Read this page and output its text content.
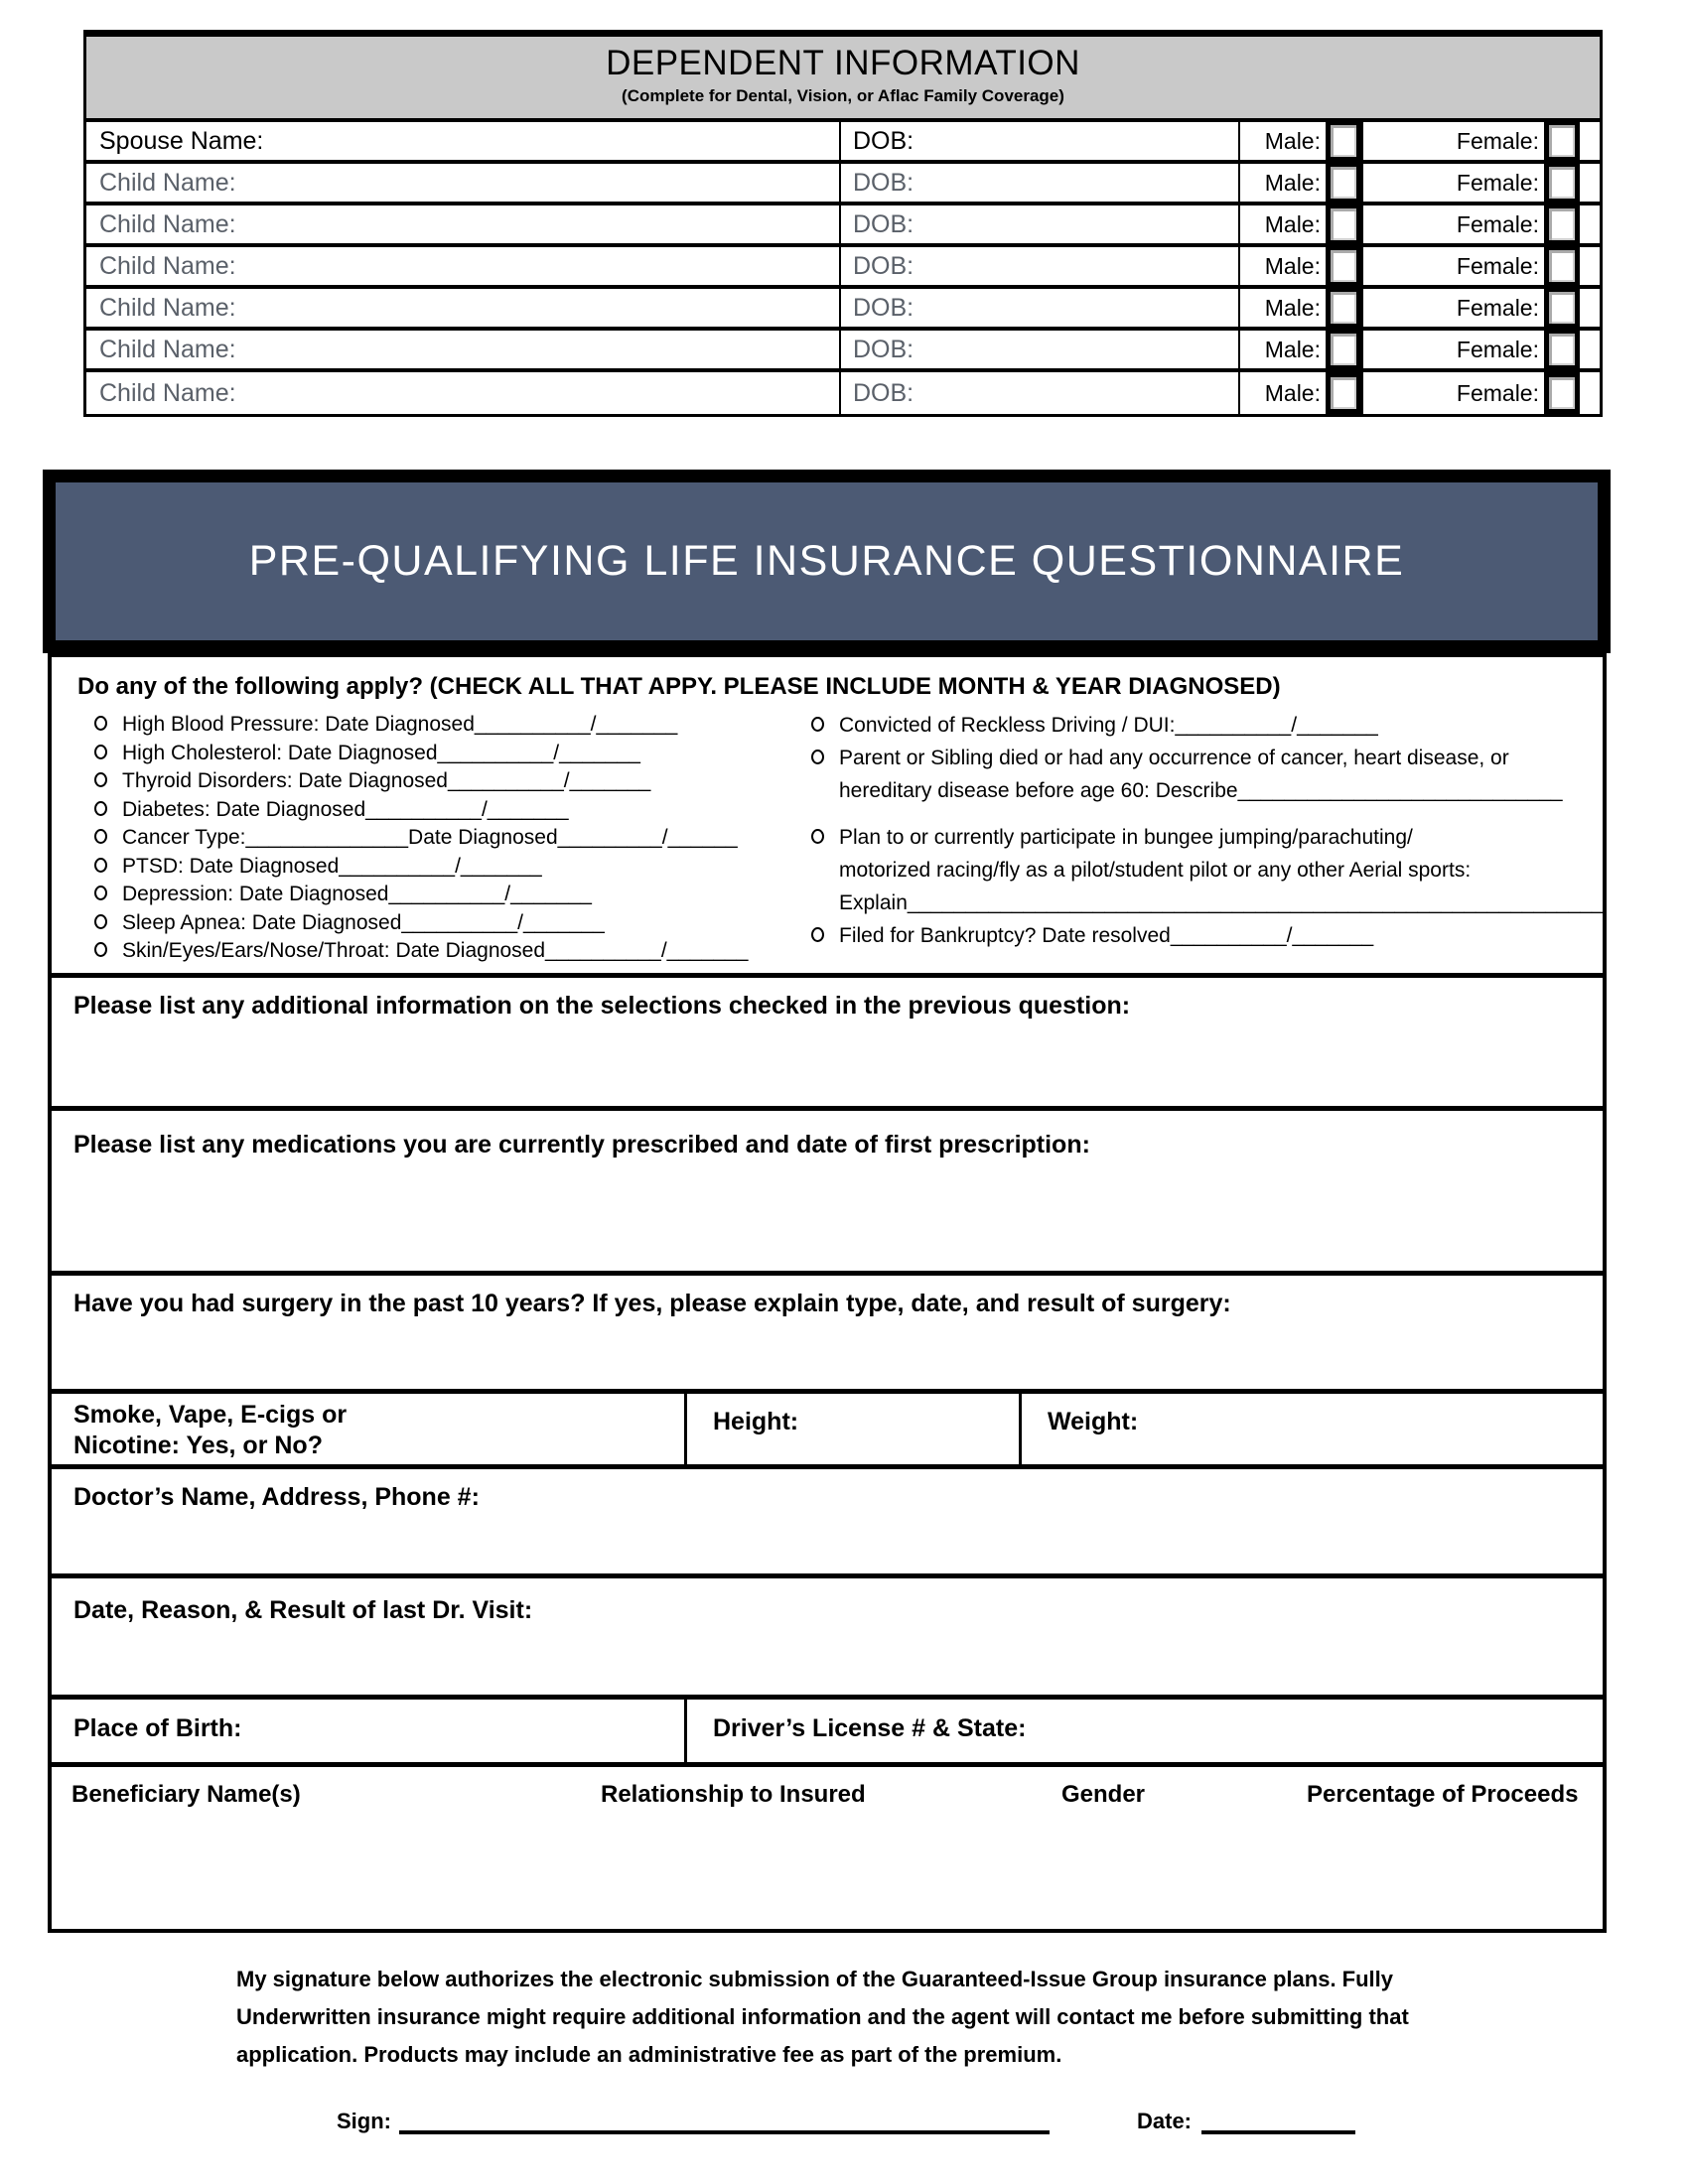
DEPENDENT INFORMATION
(Complete for Dental, Vision, or Aflac Family Coverage)
Spouse Name:	DOB:	Male:	Female:
Child Name:	DOB:	Male:	Female:
Child Name:	DOB:	Male:	Female:
Child Name:	DOB:	Male:	Female:
Child Name:	DOB:	Male:	Female:
Child Name:	DOB:	Male:	Female:
Child Name:	DOB:	Male:	Female:
PRE-QUALIFYING LIFE INSURANCE QUESTIONNAIRE
Do any of the following apply? (CHECK ALL THAT APPY. PLEASE INCLUDE MONTH & YEAR DIAGNOSED)
High Blood Pressure: Date Diagnosed__________/_______
High Cholesterol: Date Diagnosed__________/_______
Thyroid Disorders: Date Diagnosed__________/_______
Diabetes: Date Diagnosed__________/_______
Cancer Type:______________Date Diagnosed_________/______
PTSD: Date Diagnosed__________/_______
Depression: Date Diagnosed__________/_______
Sleep Apnea: Date Diagnosed__________/_______
Skin/Eyes/Ears/Nose/Throat: Date Diagnosed__________/_______
Convicted of Reckless Driving / DUI:__________/_______
Parent or Sibling died or had any occurrence of cancer, heart disease, or
hereditary disease before age 60: Describe____________________________
Plan to or currently participate in bungee jumping/parachuting/
motorized racing/fly as a pilot/student pilot or any other Aerial sports:
Explain____________________________________________________________
Filed for Bankruptcy? Date resolved__________/_______
Please list any additional information on the selections checked in the previous question:
Please list any medications you are currently prescribed and date of first prescription:
Have you had surgery in the past 10 years? If yes, please explain type, date, and result of surgery:
Smoke, Vape, E-cigs or
Nicotine: Yes, or No?
Height:	Weight:
Doctor’s Name, Address, Phone #:
Date, Reason, & Result of last Dr. Visit:
Place of Birth:	Driver’s License # & State:
Beneficiary Name(s)	Relationship to Insured	Gender	Percentage of Proceeds
My signature below authorizes the electronic submission of the Guaranteed-Issue Group insurance plans. Fully Underwritten insurance might require additional information and the agent will contact me before submitting that application. Products may include an administrative fee as part of the premium.
Sign:	Date:
